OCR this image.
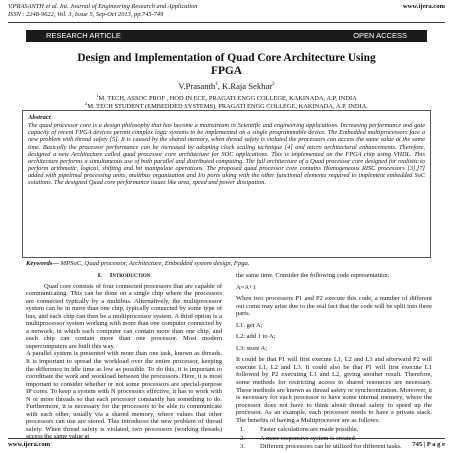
V.PRASANTH et al. Int. Journal of Engineering Research and Application
ISSN : 2248-9622, Vol. 3, Issue 5, Sep-Oct 2013, pp.745-749
www.ijera.com
RESEARCH ARTICLE	OPEN ACCESS
Design and Implementation of Quad Core Architecture Using
FPGA
V.Prasanth$^1$, K.Raja Sekhar$^2$
$^1$M. TECH, ASSOC PROF , HOD IN ECE, PRAGATI ENGG COLLEGE, KAKINADA, A.P, INDIA
$^2$M. TECH STUDENT (EMBEDDED SYSTEMS), PRAGATI ENGG COLLEGE, KAKINADA, A.P, INDIA.
Abstract
The quad processor core is a design philosophy that has become a mainstream in Scientific and engineering applications. Increasing performance and gate capacity of recent FPGA devices permit complex logic systems to be implemented on a single programmable device. The Embedded multiprocessors face a new problem with thread safety [5]. It is caused by the shared memory, when thread safety is violated the processors can access the same value at the same time. Basically the processor performance can be increased by adopting clock scaling technique [4] and micro architectural enhancements. Therefore, designed a new Architecture called quad processor core architecture for SOC applications. This is implemented on the FPGA chip using VHDL. This architecture performs a simultaneous use of both parallel and distributed computing. The full architecture of a Quad processor core designed for realistic to perform arithmetic, logical, shifting and bit manipulate operations. The proposed quad processor core contains Homogeneous RISC processors [3],[7] added with pipelined processing units, multibus organization and I/o ports along with the other functional elements required to implement embedded SoC solutions. The designed Quad core performance issues like area, speed and power dissipation.
Keywords— MPSoC, Quad processor, Architecture, Embedded system design, Fpga.
I. Introduction

Quad core consists of four connected processors that are capable of communicating. This can be done on a single chip where the processors are connected typically by a multibus. Alternatively, the multiprocessor system can be in more than one chip, typically connected by some type of bus, and each chip can then be a multiprocessor system. A third option is a multiprocessor system working with more than one computer connected by a network, in which each computer can contain more than one chip, and each chip can contain more than one processor. Most modern supercomputers are built this way.

A parallel system is presented with more than one task, known as threads. It is important to spread the workload over the entire processor, keeping the difference in idle time as low as possible. To do this, it is important to coordinate the work and workload between the processors. Here, it is most important to consider whether or not some processors are special-purpose IP cores. To keep a system with N processors effective, it has to work with N or more threads so that each processor constantly has something to do. Furthermore, it is necessary for the processors to be able to communicate with each other, usually via a shared memory, where values that other processors can use are stored. This introduces the new problem of thread safety. When thread safety is violated, two processors (working threads) access the same value at

the same time. Consider the following code representation:

A=A+1

When two processors P1 and P2 execute this code, a number of different out come may arise due to the real fact that the code will be split into three parts.

L1: get A;

L2: add 1 to A;

L3: store A;

It could be that P1 will first execute L1, L2 and L3 and afterward P2 will execute L1, L2 and L3. It could also be that P1 will first execute L1 followed by P2 executing L1 and L2, giving another result. Therefore, some methods for restricting access to shared resources are necessary. These methods are known as thread safety or synchronization. Moreover, it is necessary for each processor to have some internal memory, where the processor does not have to think about thread safety to speed up the processor. As an example, each processor needs to have a private stack. The benefits of having a Multiprocessor are as follows:

1.	Faster calculations are made possible.
2.	A more responsive system is created.
3.	Different processors can be utilized for different tasks.
www.ijera.com	745 | P a g e
